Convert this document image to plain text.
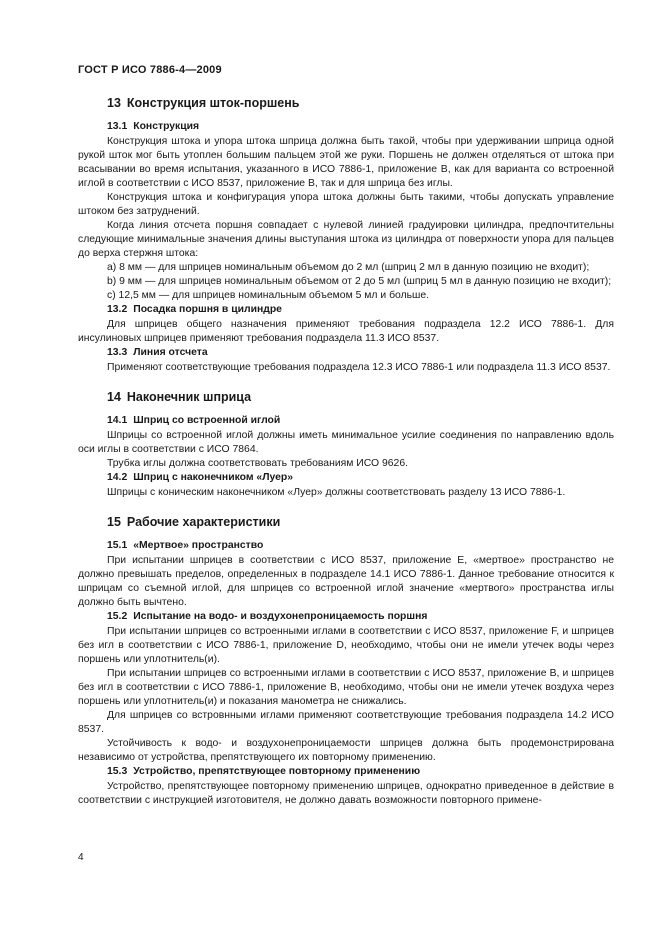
ГОСТ Р ИСО 7886-4—2009
13 Конструкция шток-поршень
13.1 Конструкция

Конструкция штока и упора штока шприца должна быть такой, чтобы при удерживании шприца одной рукой шток мог быть утоплен большим пальцем этой же руки. Поршень не должен отделяться от штока при всасывании во время испытания, указанного в ИСО 7886-1, приложение В, как для варианта со встроенной иглой в соответствии с ИСО 8537, приложение В, так и для шприца без иглы.

Конструкция штока и конфигурация упора штока должны быть такими, чтобы допускать управление штоком без затруднений.

Когда линия отсчета поршня совпадает с нулевой линией градуировки цилиндра, предпочтительны следующие минимальные значения длины выступания штока из цилиндра от поверхности упора для пальцев до верха стержня штока:

а) 8 мм — для шприцев номинальным объемом до 2 мл (шприц 2 мл в данную позицию не входит);

b) 9 мм — для шприцев номинальным объемом от 2 до 5 мл (шприц 5 мл в данную позицию не входит);

с) 12,5 мм — для шприцев номинальным объемом 5 мл и больше.

13.2 Посадка поршня в цилиндре

Для шприцев общего назначения применяют требования подраздела 12.2 ИСО 7886-1. Для инсулиновых шприцев применяют требования подраздела 11.3 ИСО 8537.

13.3 Линия отсчета

Применяют соответствующие требования подраздела 12.3 ИСО 7886-1 или подраздела 11.3 ИСО 8537.

14 Наконечник шприца
14.1 Шприц со встроенной иглой

Шприцы со встроенной иглой должны иметь минимальное усилие соединения по направлению вдоль оси иглы в соответствии с ИСО 7864.

Трубка иглы должна соответствовать требованиям ИСО 9626.

14.2 Шприц с наконечником «Луер»

Шприцы с коническим наконечником «Луер» должны соответствовать разделу 13 ИСО 7886-1.

15 Рабочие характеристики
15.1 «Мертвое» пространство

При испытании шприцев в соответствии с ИСО 8537, приложение Е, «мертвое» пространство не должно превышать пределов, определенных в подразделе 14.1 ИСО 7886-1. Данное требование относится к шприцам со съемной иглой, для шприцев со встроенной иглой значение «мертвого» пространства иглы должно быть вычтено.

15.2 Испытание на водо- и воздухонепроницаемость поршня

При испытании шприцев со встроенными иглами в соответствии с ИСО 8537, приложение F, и шприцев без игл в соответствии с ИСО 7886-1, приложение D, необходимо, чтобы они не имели утечек воды через поршень или уплотнитель(и).

При испытании шприцев со встроенными иглами в соответствии с ИСО 8537, приложение В, и шприцев без игл в соответствии с ИСО 7886-1, приложение В, необходимо, чтобы они не имели утечек воздуха через поршень или уплотнитель(и) и показания манометра не снижались.

Для шприцев со встровнными иглами применяют соответствующие требования подраздела 14.2 ИСО 8537.

Устойчивость к водо- и воздухонепроницаемости шприцев должна быть продемонстрирована независимо от устройства, препятствующего их повторному применению.

15.3 Устройство, препятствующее повторному применению

Устройство, препятствующее повторному применению шприцев, однократно приведенное в действие в соответствии с инструкцией изготовителя, не должно давать возможности повторного примене-

4
